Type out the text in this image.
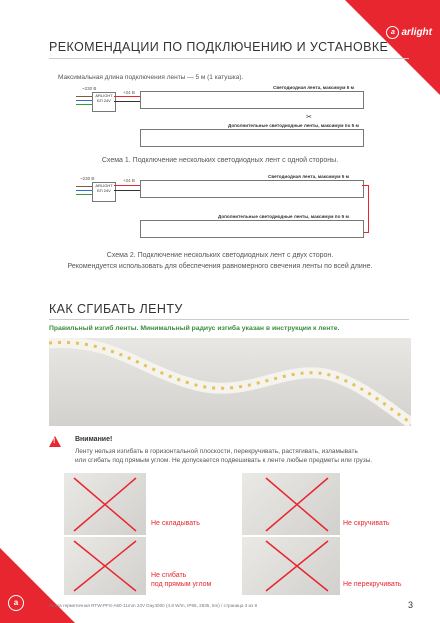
a arlight
РЕКОМЕНДАЦИИ ПО ПОДКЛЮЧЕНИЮ И УСТАНОВКЕ
Максимальная длина подключения ленты — 5 м (1 катушка).
~230 В
+24 В
ARLIGHT
БП 24V
Светодиодная лента, максимум 5 м
✂
Дополнительные светодиодные ленты, максимум по 5 м
Схема 1. Подключение нескольких светодиодных лент с одной стороны.
~230 В	+24 В
ARLIGHT
БП 24V
Светодиодная лента, максимум 5 м
Дополнительные светодиодные ленты, максимум по 5 м
Схема 2. Подключение нескольких светодиодных лент с двух сторон.
Рекомендуется использовать для обеспечения равномерного свечения ленты по всей длине.
КАК СГИБАТЬ ЛЕНТУ
Правильный изгиб ленты. Минимальный радиус изгиба указан в инструкции к ленте.
!	Внимание!
Ленту нельзя изгибать в горизонтальной плоскости, перекручивать, растягивать, изламывать
или сгибать под прямым углом. Не допускается подвешивать к ленте любые предметы или грузы.
Не складывать	Не скручивать
Не сгибать
под прямым углом	Не перекручивать
a	Лента герметичная RTW-PFS-A60-11mm 24V Day4000 (4.8 W/m, IP66, 2835, 5m) / страница 3 из 8	3
